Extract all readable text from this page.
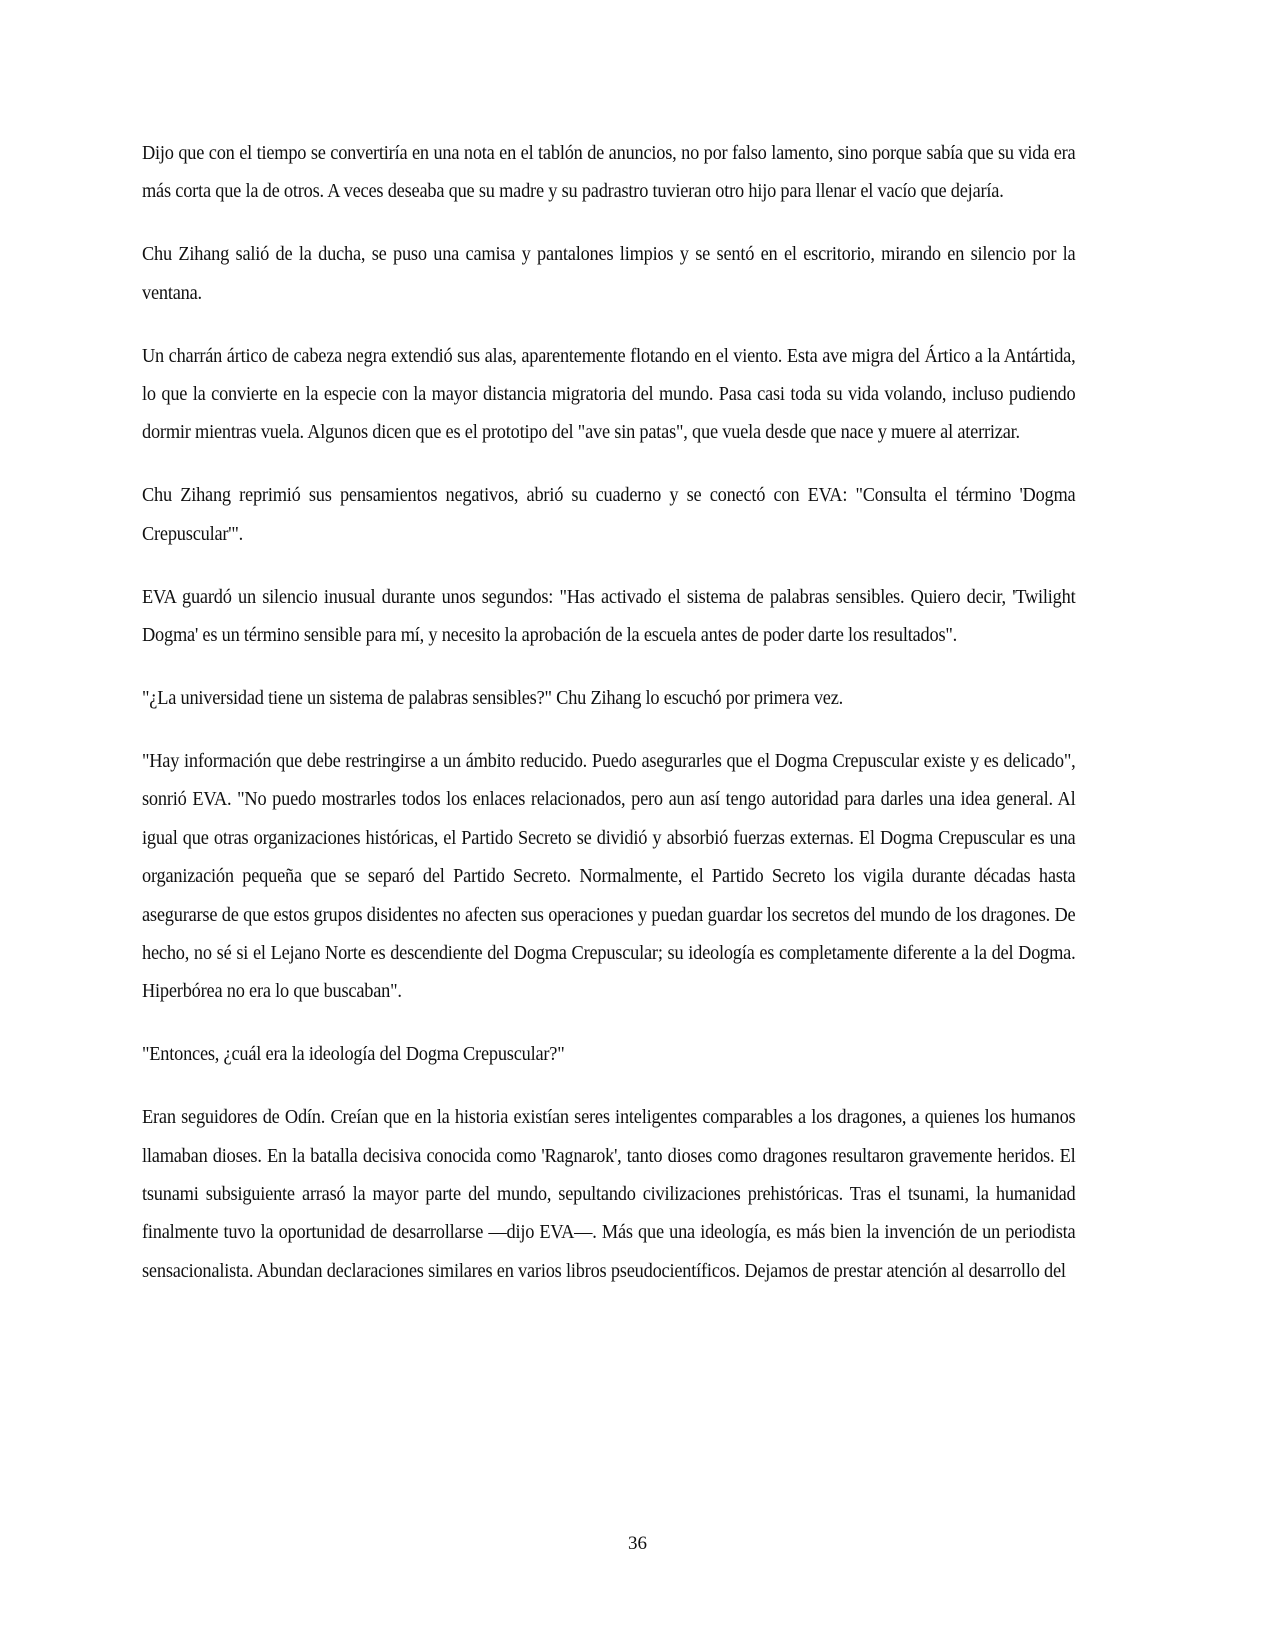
Dijo que con el tiempo se convertiría en una nota en el tablón de anuncios, no por falso lamento, sino porque sabía que su vida era más corta que la de otros. A veces deseaba que su madre y su padrastro tuvieran otro hijo para llenar el vacío que dejaría.

Chu Zihang salió de la ducha, se puso una camisa y pantalones limpios y se sentó en el escritorio, mirando en silencio por la ventana.

Un charrán ártico de cabeza negra extendió sus alas, aparentemente flotando en el viento. Esta ave migra del Ártico a la Antártida, lo que la convierte en la especie con la mayor distancia migratoria del mundo. Pasa casi toda su vida volando, incluso pudiendo dormir mientras vuela. Algunos dicen que es el prototipo del "ave sin patas", que vuela desde que nace y muere al aterrizar.

Chu Zihang reprimió sus pensamientos negativos, abrió su cuaderno y se conectó con EVA: "Consulta el término 'Dogma Crepuscular'".

EVA guardó un silencio inusual durante unos segundos: "Has activado el sistema de palabras sensibles. Quiero decir, 'Twilight Dogma' es un término sensible para mí, y necesito la aprobación de la escuela antes de poder darte los resultados".

"¿La universidad tiene un sistema de palabras sensibles?" Chu Zihang lo escuchó por primera vez.

"Hay información que debe restringirse a un ámbito reducido. Puedo asegurarles que el Dogma Crepuscular existe y es delicado", sonrió EVA. "No puedo mostrarles todos los enlaces relacionados, pero aun así tengo autoridad para darles una idea general. Al igual que otras organizaciones históricas, el Partido Secreto se dividió y absorbió fuerzas externas. El Dogma Crepuscular es una organización pequeña que se separó del Partido Secreto. Normalmente, el Partido Secreto los vigila durante décadas hasta asegurarse de que estos grupos disidentes no afecten sus operaciones y puedan guardar los secretos del mundo de los dragones. De hecho, no sé si el Lejano Norte es descendiente del Dogma Crepuscular; su ideología es completamente diferente a la del Dogma. Hiperbórea no era lo que buscaban".

"Entonces, ¿cuál era la ideología del Dogma Crepuscular?"

Eran seguidores de Odín. Creían que en la historia existían seres inteligentes comparables a los dragones, a quienes los humanos llamaban dioses. En la batalla decisiva conocida como 'Ragnarok', tanto dioses como dragones resultaron gravemente heridos. El tsunami subsiguiente arrasó la mayor parte del mundo, sepultando civilizaciones prehistóricas. Tras el tsunami, la humanidad finalmente tuvo la oportunidad de desarrollarse —dijo EVA—. Más que una ideología, es más bien la invención de un periodista sensacionalista. Abundan declaraciones similares en varios libros pseudocientíficos. Dejamos de prestar atención al desarrollo del

36
